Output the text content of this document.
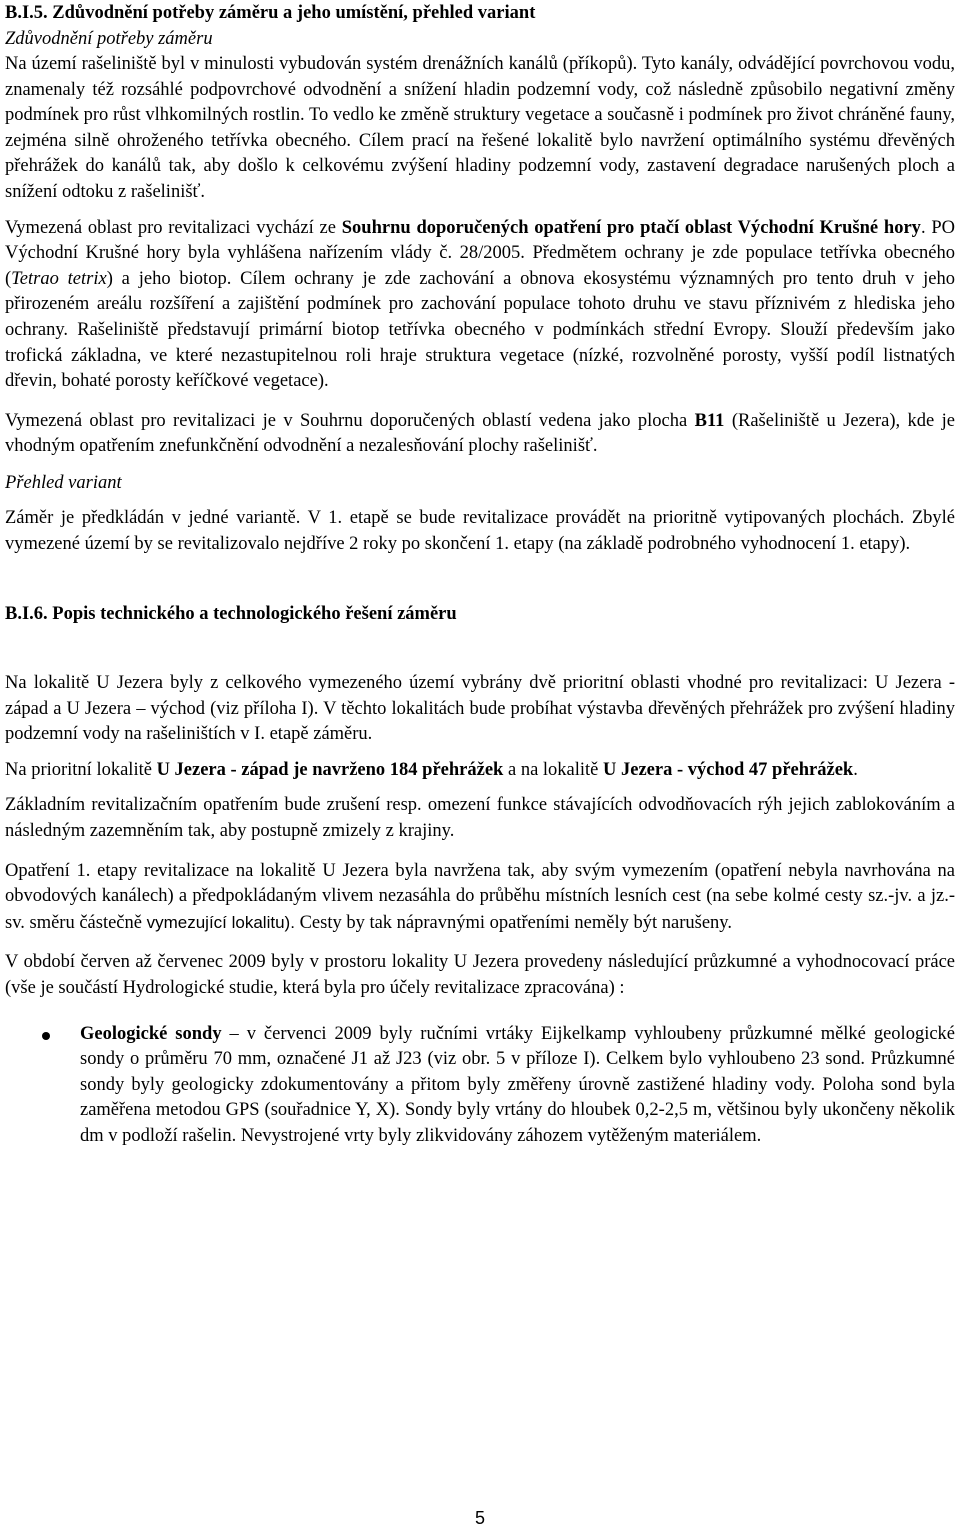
B.I.5. Zdůvodnění potřeby záměru a jeho umístění, přehled variant
Zdůvodnění potřeby záměru

Na území rašeliniště byl v minulosti vybudován systém drenážních kanálů (příkopů). Tyto kanály, odvádějící povrchovou vodu, znamenaly též rozsáhlé podpovrchové odvodnění a snížení hladin podzemní vody, což následně způsobilo negativní změny podmínek pro růst vlhkomilných rostlin. To vedlo ke změně struktury vegetace a současně i podmínek pro život chráněné fauny, zejména silně ohroženého tetřívka obecného. Cílem prací na řešené lokalitě bylo navržení optimálního systému dřevěných přehrážek do kanálů tak, aby došlo k celkovému zvýšení hladiny podzemní vody, zastavení degradace narušených ploch a snížení odtoku z rašelinišť.

Vymezená oblast pro revitalizaci vychází ze Souhrnu doporučených opatření pro ptačí oblast Východní Krušné hory. PO Východní Krušné hory byla vyhlášena nařízením vlády č. 28/2005. Předmětem ochrany je zde populace tetřívka obecného (Tetrao tetrix) a jeho biotop. Cílem ochrany je zde zachování a obnova ekosystému významných pro tento druh v jeho přirozeném areálu rozšíření a zajištění podmínek pro zachování populace tohoto druhu ve stavu příznivém z hlediska jeho ochrany. Rašeliniště představují primární biotop tetřívka obecného v podmínkách střední Evropy. Slouží především jako trofická základna, ve které nezastupitelnou roli hraje struktura vegetace (nízké, rozvolněné porosty, vyšší podíl listnatých dřevin, bohaté porosty keříčkové vegetace).

Vymezená oblast pro revitalizaci je v Souhrnu doporučených oblastí vedena jako plocha B11 (Rašeliniště u Jezera), kde je vhodným opatřením znefunkčnění odvodnění a nezalesňování plochy rašelinišť.

Přehled variant

Záměr je předkládán v jedné variantě. V 1. etapě se bude revitalizace provádět na prioritně vytipovaných plochách. Zbylé vymezené území by se revitalizovalo nejdříve 2 roky po skončení 1. etapy (na základě podrobného vyhodnocení 1. etapy).

B.I.6. Popis technického a technologického řešení záměru

Na lokalitě U Jezera byly z celkového vymezeného území vybrány dvě prioritní oblasti vhodné pro revitalizaci: U Jezera - západ a U Jezera – východ (viz příloha I). V těchto lokalitách bude probíhat výstavba dřevěných přehrážek pro zvýšení hladiny podzemní vody na rašeliništích v I. etapě záměru.

Na prioritní lokalitě U Jezera - západ je navrženo 184 přehrážek a na lokalitě U Jezera - východ 47 přehrážek.

Základním revitalizačním opatřením bude zrušení resp. omezení funkce stávajících odvodňovacích rýh jejich zablokováním a následným zazemněním tak, aby postupně zmizely z krajiny.

Opatření 1. etapy revitalizace na lokalitě U Jezera byla navržena tak, aby svým vymezením (opatření nebyla navrhována na obvodových kanálech) a předpokládaným vlivem nezasáhla do průběhu místních lesních cest (na sebe kolmé cesty sz.-jv. a jz.-sv. směru částečně vymezující lokalitu). Cesty by tak nápravnými opatřeními neměly být narušeny.

V období červen až červenec 2009 byly v prostoru lokality U Jezera provedeny následující průzkumné a vyhodnocovací práce (vše je součástí Hydrologické studie, která byla pro účely revitalizace zpracována) :

Geologické sondy – v červenci 2009 byly ručními vrtáky Eijkelkamp vyhloubeny průzkumné mělké geologické sondy o průměru 70 mm, označené J1 až J23 (viz obr. 5 v příloze I). Celkem bylo vyhloubeno 23 sond. Průzkumné sondy byly geologicky zdokumentovány a přitom byly změřeny úrovně zastižené hladiny vody. Poloha sond byla zaměřena metodou GPS (souřadnice Y, X). Sondy byly vrtány do hloubek 0,2-2,5 m, většinou byly ukončeny několik dm v podloží rašelin. Nevystrojené vrty byly zlikvidovány záhozem vytěženým materiálem.

5
